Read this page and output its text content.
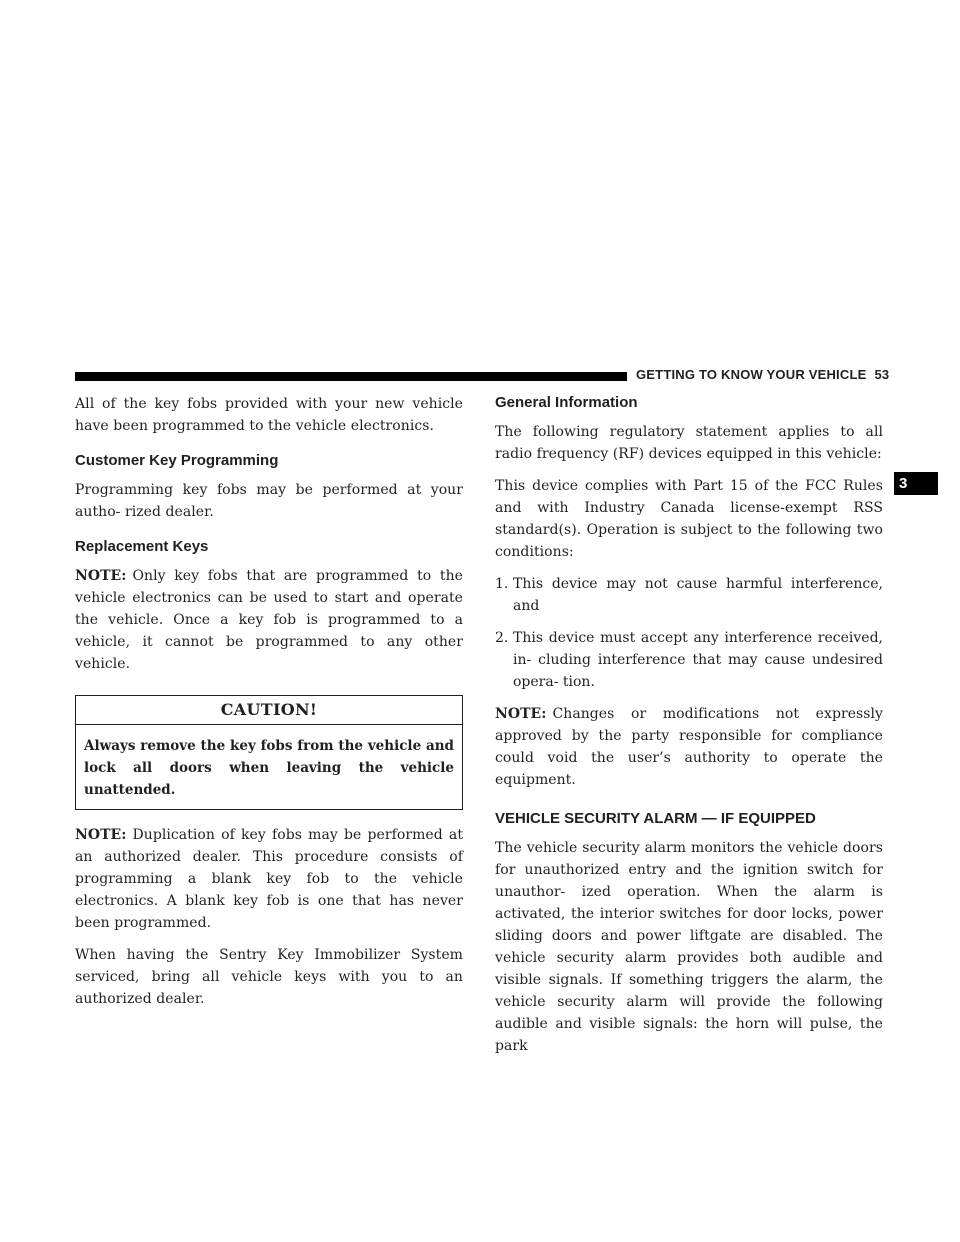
GETTING TO KNOW YOUR VEHICLE 53
3

All of the key fobs provided with your new vehicle have been programmed to the vehicle electronics.

Customer Key Programming

Programming key fobs may be performed at your autho- rized dealer.

Replacement Keys

NOTE: Only key fobs that are programmed to the vehicle electronics can be used to start and operate the vehicle. Once a key fob is programmed to a vehicle, it cannot be programmed to any other vehicle.

CAUTION!
Always remove the key fobs from the vehicle and lock all doors when leaving the vehicle unattended.

NOTE: Duplication of key fobs may be performed at an authorized dealer. This procedure consists of programming a blank key fob to the vehicle electronics. A blank key fob is one that has never been programmed.

When having the Sentry Key Immobilizer System serviced, bring all vehicle keys with you to an authorized dealer.

General Information

The following regulatory statement applies to all radio frequency (RF) devices equipped in this vehicle:

This device complies with Part 15 of the FCC Rules and with Industry Canada license-exempt RSS standard(s). Operation is subject to the following two conditions:

1. This device may not cause harmful interference, and
2. This device must accept any interference received, in- cluding interference that may cause undesired opera- tion.

NOTE: Changes or modifications not expressly approved by the party responsible for compliance could void the user’s authority to operate the equipment.

VEHICLE SECURITY ALARM — IF EQUIPPED

The vehicle security alarm monitors the vehicle doors for unauthorized entry and the ignition switch for unauthor- ized operation. When the alarm is activated, the interior switches for door locks, power sliding doors and power liftgate are disabled. The vehicle security alarm provides both audible and visible signals. If something triggers the alarm, the vehicle security alarm will provide the following audible and visible signals: the horn will pulse, the park
